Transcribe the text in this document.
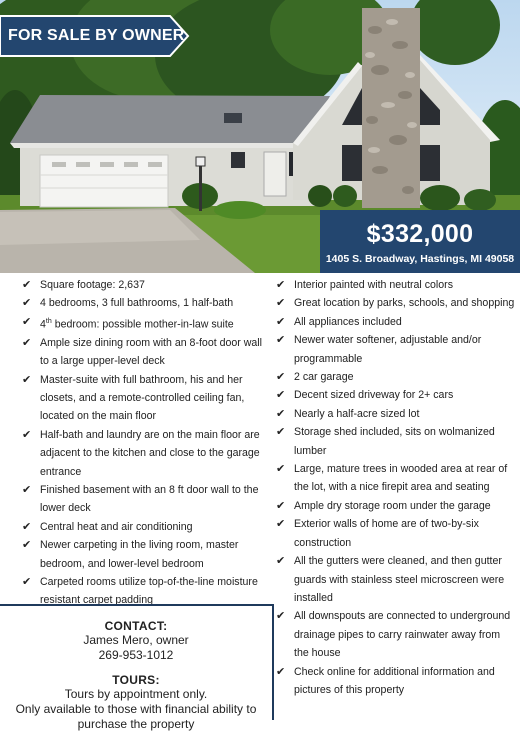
FOR SALE BY OWNER
$332,000
1405 S. Broadway, Hastings, MI 49058
✔ Square footage: 2,637
✔ 4 bedrooms, 3 full bathrooms, 1 half-bath
✔ 4th bedroom: possible mother-in-law suite
✔ Ample size dining room with an 8-foot door wall
to a large upper-level deck
✔ Master-suite with full bathroom, his and her
closets, and a remote-controlled ceiling fan,
located on the main floor
✔ Half-bath and laundry are on the main floor are
adjacent to the kitchen and close to the garage
entrance
✔ Finished basement with an 8 ft door wall to the
lower deck
✔ Central heat and air conditioning
✔ Newer carpeting in the living room, master
bedroom, and lower-level bedroom
✔ Carpeted rooms utilize top-of-the-line moisture
resistant carpet padding
✔ Interior painted with neutral colors
✔ Great location by parks, schools, and shopping
✔ All appliances included
✔ Newer water softener, adjustable and/or
programmable
✔ 2 car garage
✔ Decent sized driveway for 2+ cars
✔ Nearly a half-acre sized lot
✔ Storage shed included, sits on wolmanized
lumber
✔ Large, mature trees in wooded area at rear of
the lot, with a nice firepit area and seating
✔ Ample dry storage room under the garage
✔ Exterior walls of home are of two-by-six
construction
✔ All the gutters were cleaned, and then gutter
guards with stainless steel microscreen were
installed
✔ All downspouts are connected to underground
drainage pipes to carry rainwater away from
the house
✔ Check online for additional information and
pictures of this property
CONTACT:
James Mero, owner
269-953-1012
TOURS:
Tours by appointment only.
Only available to those with financial ability to
purchase the property
